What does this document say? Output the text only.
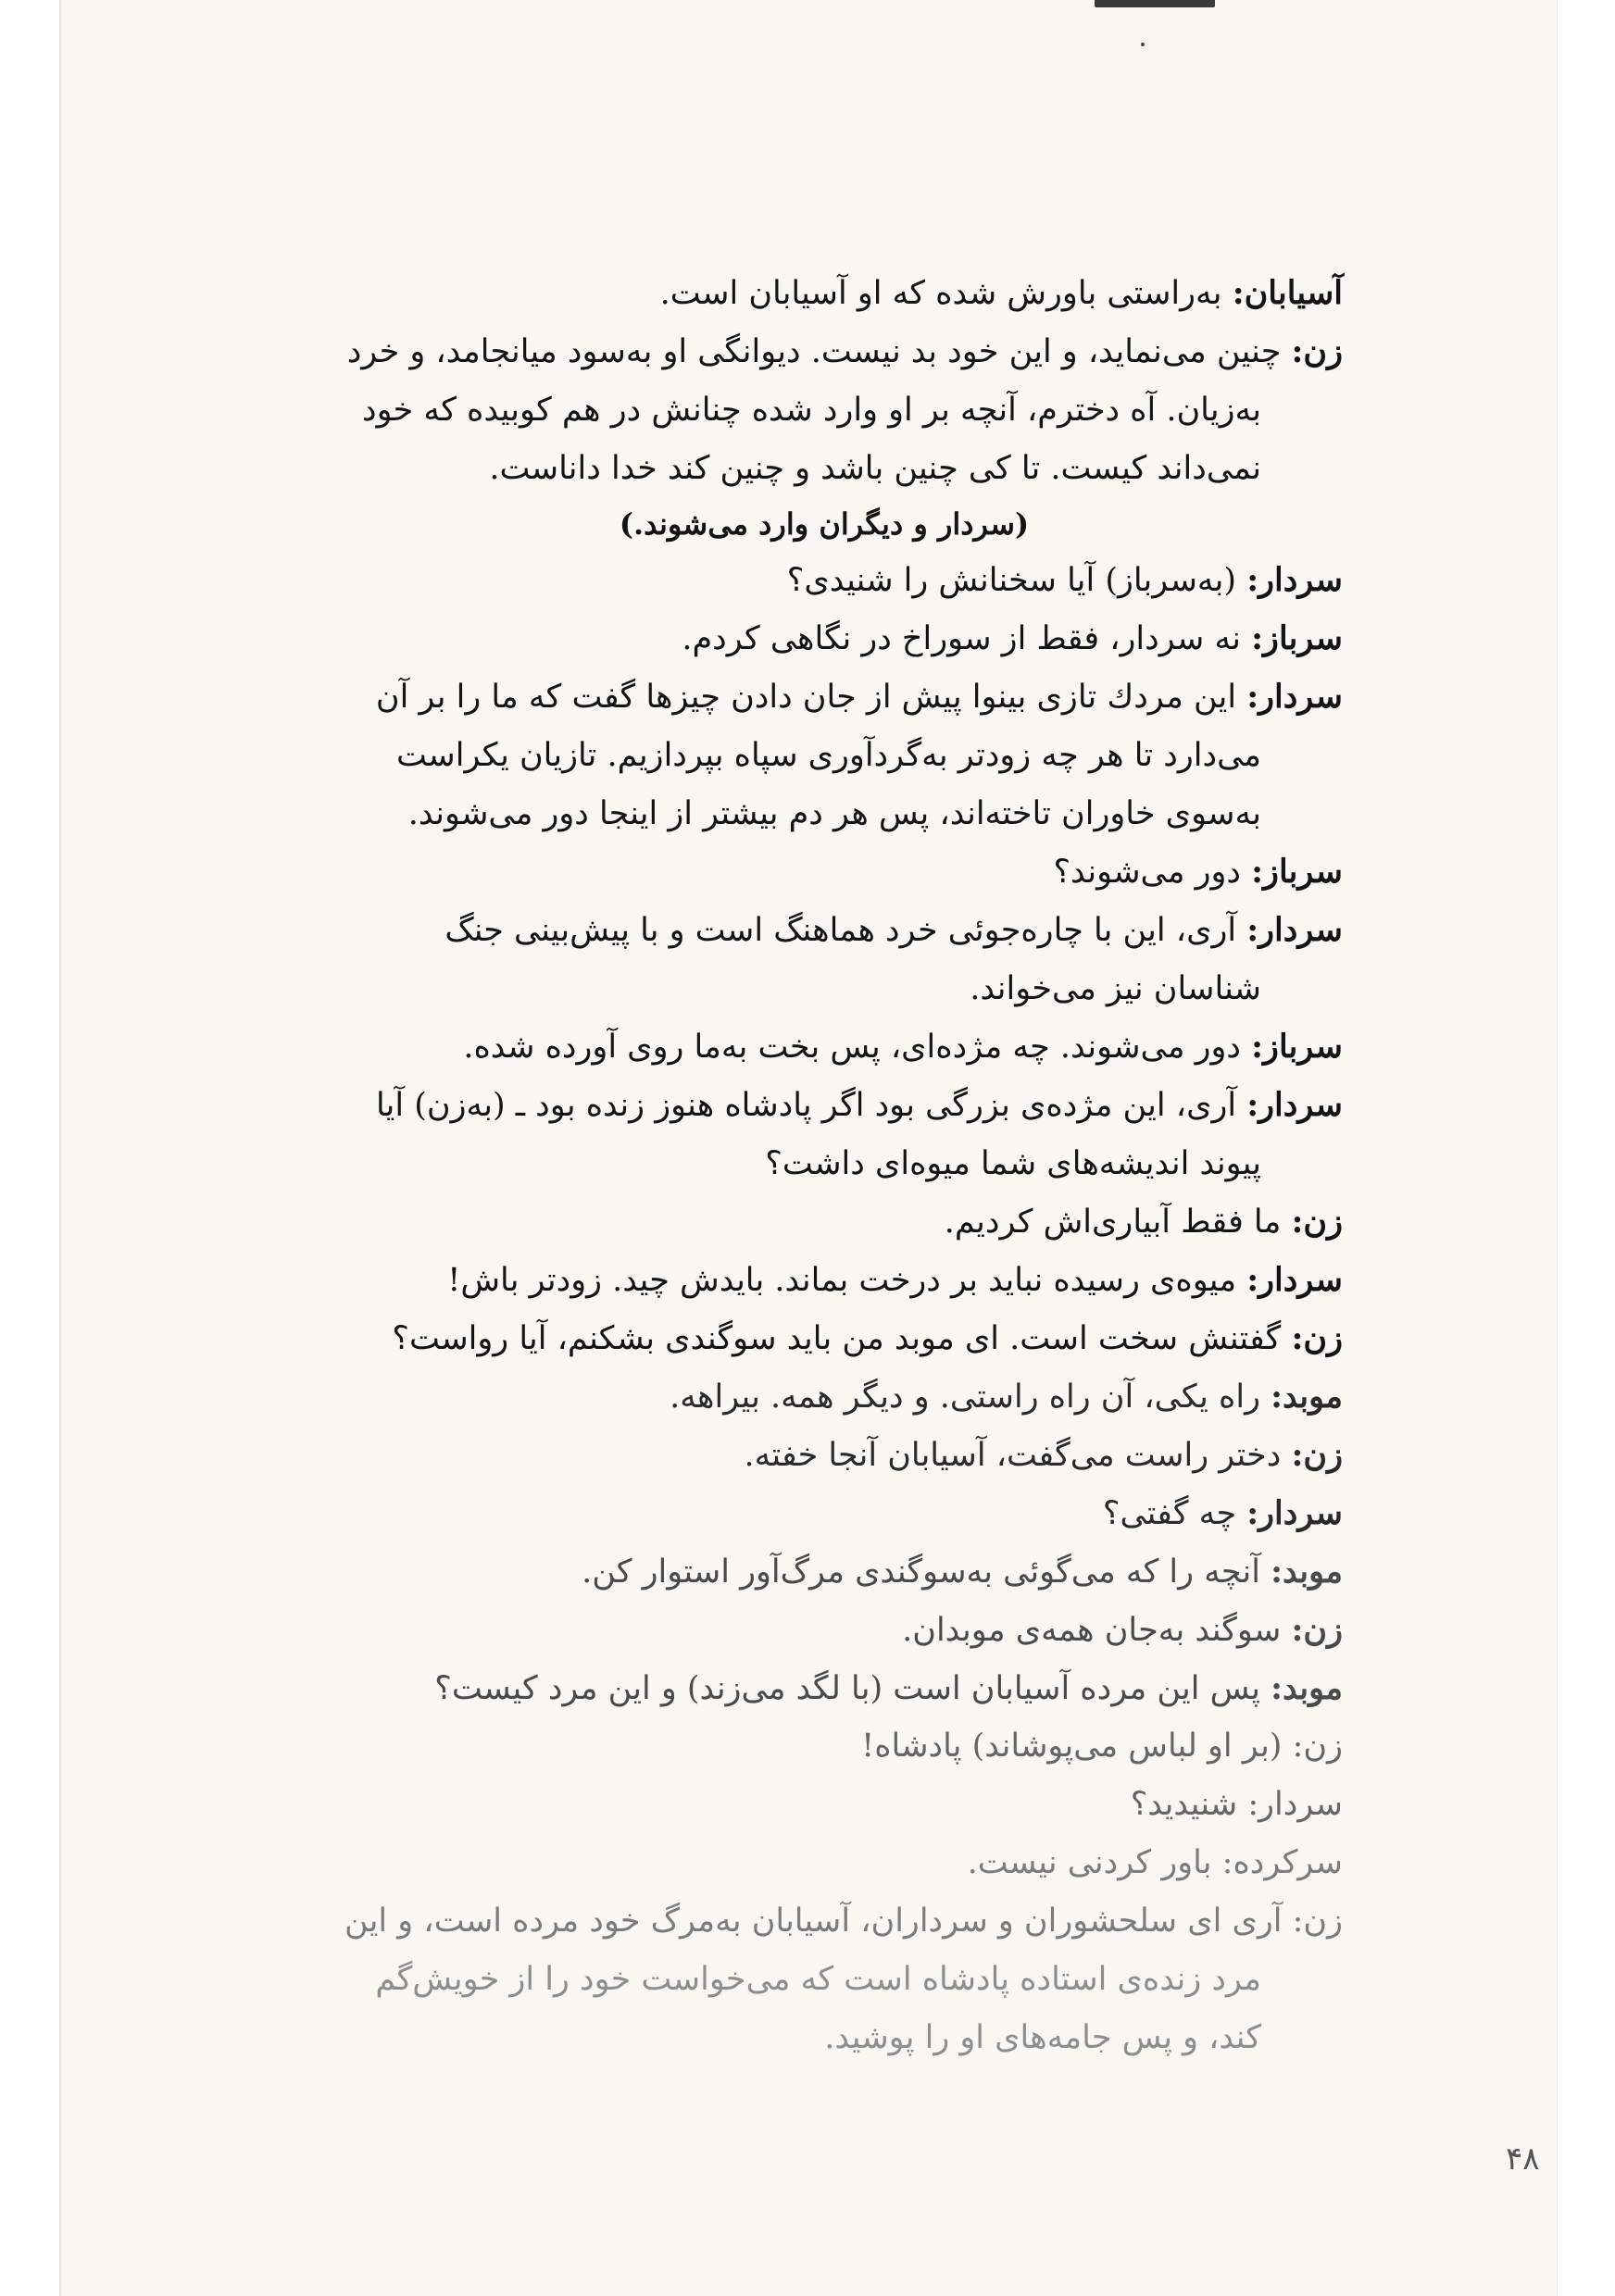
آسیابان: به‌راستی باورش شده که او آسیابان است.
زن: چنین می‌نماید، و این خود بد نیست. دیوانگی او به‌سود میانجامد، و خرد
به‌زیان. آه دخترم، آنچه بر او وارد شده چنانش در هم کوبیده که خود
نمی‌داند کیست. تا کی چنین باشد و چنین کند خدا داناست.
(سردار و دیگران وارد می‌شوند.)
سردار: (به‌سرباز) آیا سخنانش را شنیدی؟
سرباز: نه سردار، فقط از سوراخ در نگاهی کردم.
سردار: این مردك تازی بینوا پیش از جان دادن چیزها گفت که ما را بر آن
می‌دارد تا هر چه زودتر به‌گردآوری سپاه بپردازیم. تازیان یکراست
به‌سوی خاوران تاخته‌اند، پس هر دم بیشتر از اینجا دور می‌شوند.
سرباز: دور می‌شوند؟
سردار: آری، این با چاره‌جوئی خرد هماهنگ است و با پیش‌بینی جنگ
شناسان نیز می‌خواند.
سرباز: دور می‌شوند. چه مژده‌ای، پس بخت به‌ما روی آورده شده.
سردار: آری، این مژده‌ی بزرگی بود اگر پادشاه هنوز زنده بود ـ (به‌زن) آیا
پیوند اندیشه‌های شما میوه‌ای داشت؟
زن: ما فقط آبیاری‌اش کردیم.
سردار: میوه‌ی رسیده نباید بر درخت بماند. بایدش چید. زودتر باش!
زن: گفتنش سخت است. ای موبد من باید سوگندی بشکنم، آیا رواست؟
موبد: راه یکی، آن راه راستی. و دیگر همه. بیراهه.
زن: دختر راست می‌گفت، آسیابان آنجا خفته.
سردار: چه گفتی؟
موبد: آنچه را که می‌گوئی به‌سوگندی مرگ‌آور استوار کن.
زن: سوگند به‌جان همه‌ی موبدان.
موبد: پس این مرده آسیابان است (با لگد می‌زند) و این مرد کیست؟
زن: (بر او لباس می‌پوشاند) پادشاه!
سردار: شنیدید؟
سرکرده: باور کردنی نیست.
زن: آری ای سلحشوران و سرداران، آسیابان به‌مرگ خود مرده است، و این
مرد زنده‌ی استاده پادشاه است که می‌خواست خود را از خویش‌گم
کند، و پس جامه‌های او را پوشید.
۴۸
